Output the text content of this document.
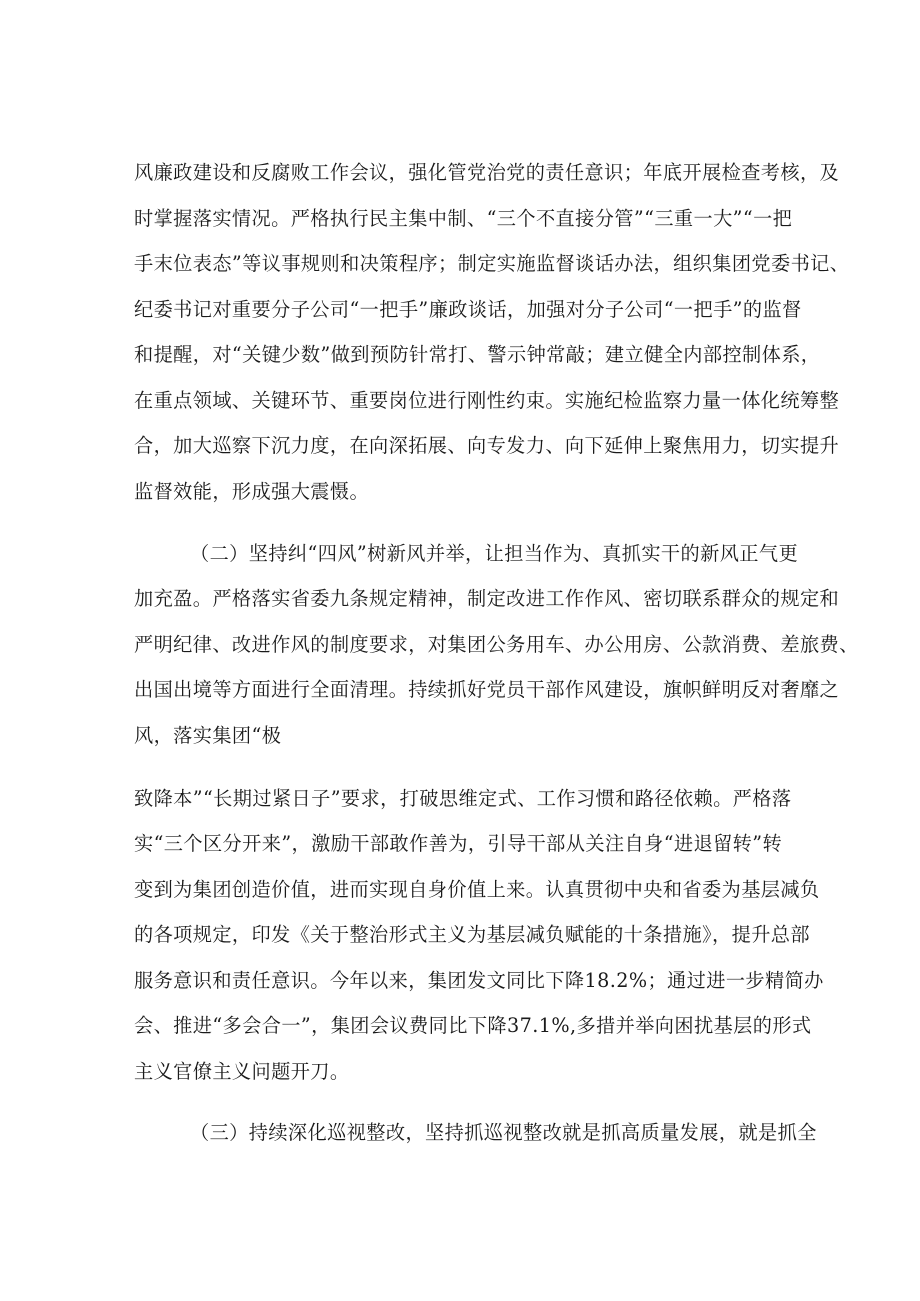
风廉政建设和反腐败工作会议，强化管党治党的责任意识；年底开展检查考核，及
时掌握落实情况。严格执行民主集中制、“三个不直接分管”“三重一大”“一把
手末位表态”等议事规则和决策程序；制定实施监督谈话办法，组织集团党委书记、
纪委书记对重要分子公司“一把手”廉政谈话，加强对分子公司“一把手”的监督
和提醒，对“关键少数”做到预防针常打、警示钟常敲；建立健全内部控制体系，
在重点领域、关键环节、重要岗位进行刚性约束。实施纪检监察力量一体化统筹整
合，加大巡察下沉力度，在向深拓展、向专发力、向下延伸上聚焦用力，切实提升
监督效能，形成强大震慑。
（二）坚持纠“四风”树新风并举，让担当作为、真抓实干的新风正气更
加充盈。严格落实省委九条规定精神，制定改进工作作风、密切联系群众的规定和
严明纪律、改进作风的制度要求，对集团公务用车、办公用房、公款消费、差旅费、
出国出境等方面进行全面清理。持续抓好党员干部作风建设，旗帜鲜明反对奢靡之
风，落实集团“极
致降本”“长期过紧日子”要求，打破思维定式、工作习惯和路径依赖。严格落
实“三个区分开来”，激励干部敢作善为，引导干部从关注自身“进退留转”转
变到为集团创造价值，进而实现自身价值上来。认真贯彻中央和省委为基层减负
的各项规定，印发《关于整治形式主义为基层减负赋能的十条措施》，提升总部
服务意识和责任意识。今年以来，集团发文同比下降18.2%；通过进一步精简办
会、推进“多会合一”，集团会议费同比下降37.1%,多措并举向困扰基层的形式
主义官僚主义问题开刀。
（三）持续深化巡视整改，坚持抓巡视整改就是抓高质量发展，就是抓全
